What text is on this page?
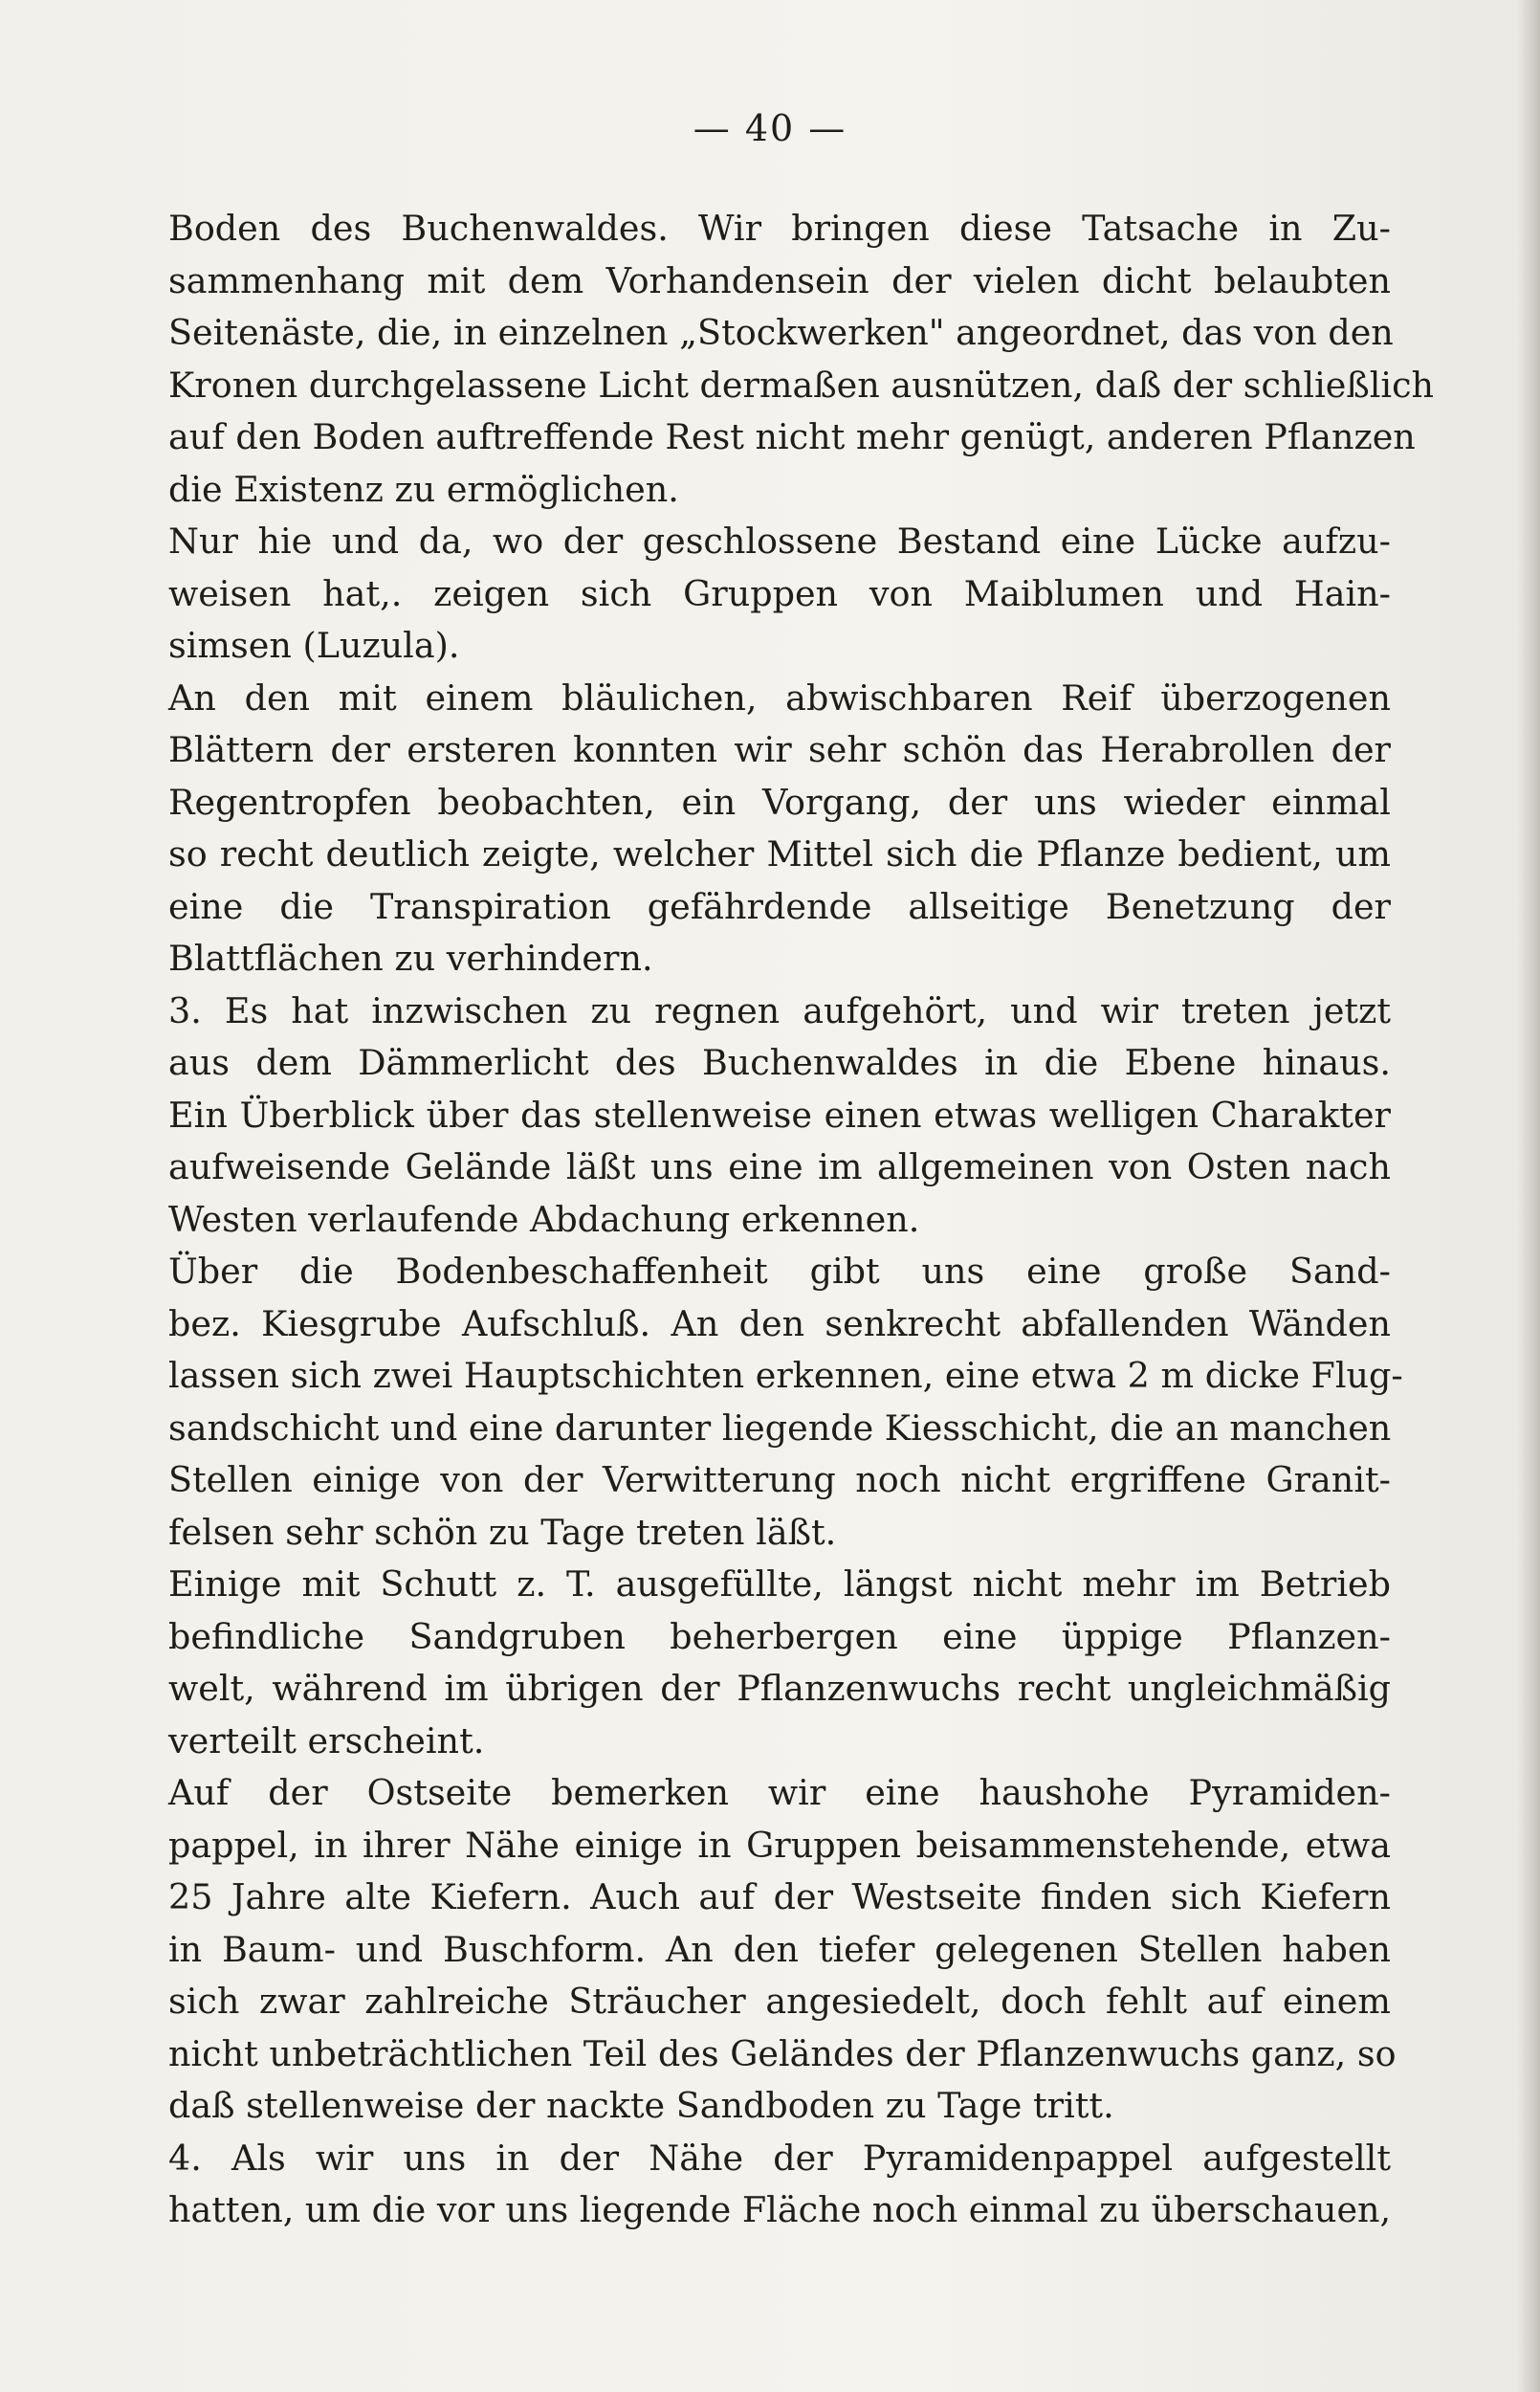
— 40 —
Boden des Buchenwaldes. Wir bringen diese Tatsache in Zu-
sammenhang mit dem Vorhandensein der vielen dicht belaubten
Seitenäste, die, in einzelnen „Stockwerken" angeordnet, das von den
Kronen durchgelassene Licht dermaßen ausnützen, daß der schließlich
auf den Boden auftreffende Rest nicht mehr genügt, anderen Pflanzen
die Existenz zu ermöglichen.
Nur hie und da, wo der geschlossene Bestand eine Lücke aufzu-
weisen hat,. zeigen sich Gruppen von Maiblumen und Hain-
simsen (Luzula).
An den mit einem bläulichen, abwischbaren Reif überzogenen
Blättern der ersteren konnten wir sehr schön das Herabrollen der
Regentropfen beobachten, ein Vorgang, der uns wieder einmal
so recht deutlich zeigte, welcher Mittel sich die Pflanze bedient, um
eine die Transpiration gefährdende allseitige Benetzung der
Blattflächen zu verhindern.
3. Es hat inzwischen zu regnen aufgehört, und wir treten jetzt
aus dem Dämmerlicht des Buchenwaldes in die Ebene hinaus.
Ein Überblick über das stellenweise einen etwas welligen Charakter
aufweisende Gelände läßt uns eine im allgemeinen von Osten nach
Westen verlaufende Abdachung erkennen.
Über die Bodenbeschaffenheit gibt uns eine große Sand-
bez. Kiesgrube Aufschluß. An den senkrecht abfallenden Wänden
lassen sich zwei Hauptschichten erkennen, eine etwa 2 m dicke Flug-
sandschicht und eine darunter liegende Kiesschicht, die an manchen
Stellen einige von der Verwitterung noch nicht ergriffene Granit-
felsen sehr schön zu Tage treten läßt.
Einige mit Schutt z. T. ausgefüllte, längst nicht mehr im Betrieb
befindliche Sandgruben beherbergen eine üppige Pflanzen-
welt, während im übrigen der Pflanzenwuchs recht ungleichmäßig
verteilt erscheint.
Auf der Ostseite bemerken wir eine haushohe Pyramiden-
pappel, in ihrer Nähe einige in Gruppen beisammenstehende, etwa
25 Jahre alte Kiefern. Auch auf der Westseite finden sich Kiefern
in Baum- und Buschform. An den tiefer gelegenen Stellen haben
sich zwar zahlreiche Sträucher angesiedelt, doch fehlt auf einem
nicht unbeträchtlichen Teil des Geländes der Pflanzenwuchs ganz, so
daß stellenweise der nackte Sandboden zu Tage tritt.
4. Als wir uns in der Nähe der Pyramidenpappel aufgestellt
hatten, um die vor uns liegende Fläche noch einmal zu überschauen,
